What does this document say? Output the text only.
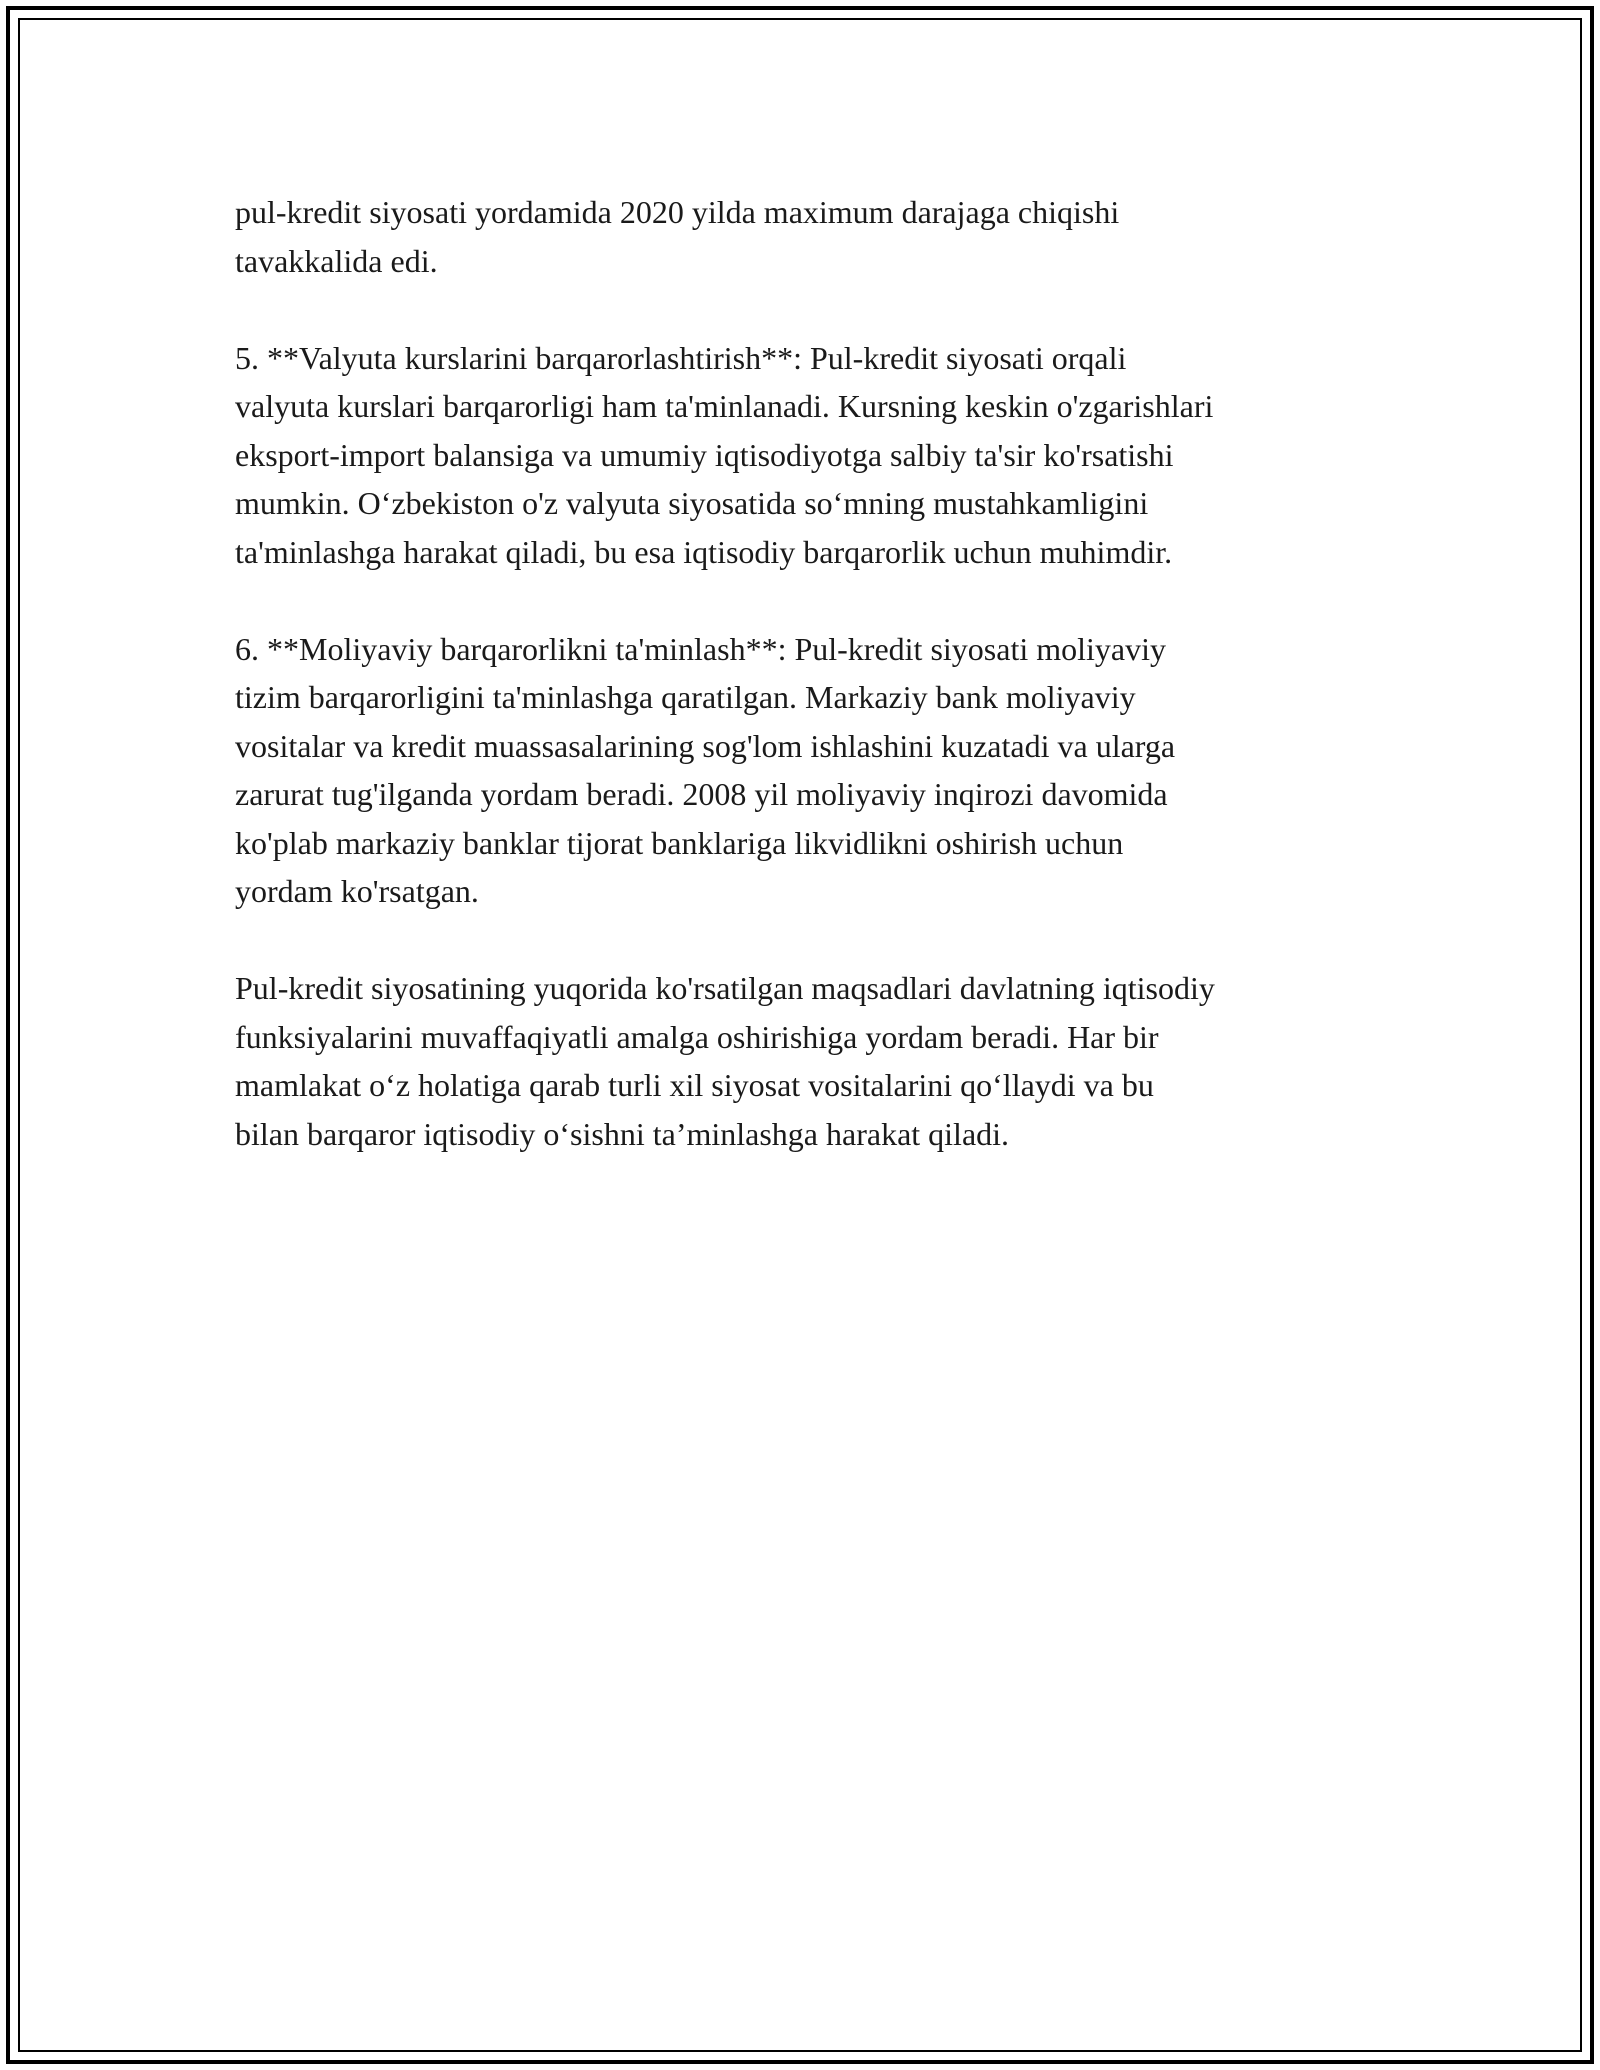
pul-kredit siyosati yordamida 2020 yilda maximum darajaga chiqishi
tavakkalida edi.

5. **Valyuta kurslarini barqarorlashtirish**: Pul-kredit siyosati orqali
valyuta kurslari barqarorligi ham ta'minlanadi. Kursning keskin o'zgarishlari
eksport-import balansiga va umumiy iqtisodiyotga salbiy ta'sir ko'rsatishi
mumkin. O‘zbekiston o'z valyuta siyosatida so‘mning mustahkamligini
ta'minlashga harakat qiladi, bu esa iqtisodiy barqarorlik uchun muhimdir.

6. **Moliyaviy barqarorlikni ta'minlash**: Pul-kredit siyosati moliyaviy
tizim barqarorligini ta'minlashga qaratilgan. Markaziy bank moliyaviy
vositalar va kredit muassasalarining sog'lom ishlashini kuzatadi va ularga
zarurat tug'ilganda yordam beradi. 2008 yil moliyaviy inqirozi davomida
ko'plab markaziy banklar tijorat banklariga likvidlikni oshirish uchun
yordam ko'rsatgan.

Pul-kredit siyosatining yuqorida ko'rsatilgan maqsadlari davlatning iqtisodiy
funksiyalarini muvaffaqiyatli amalga oshirishiga yordam beradi. Har bir
mamlakat o‘z holatiga qarab turli xil siyosat vositalarini qo‘llaydi va bu
bilan barqaror iqtisodiy o‘sishni ta’minlashga harakat qiladi.
